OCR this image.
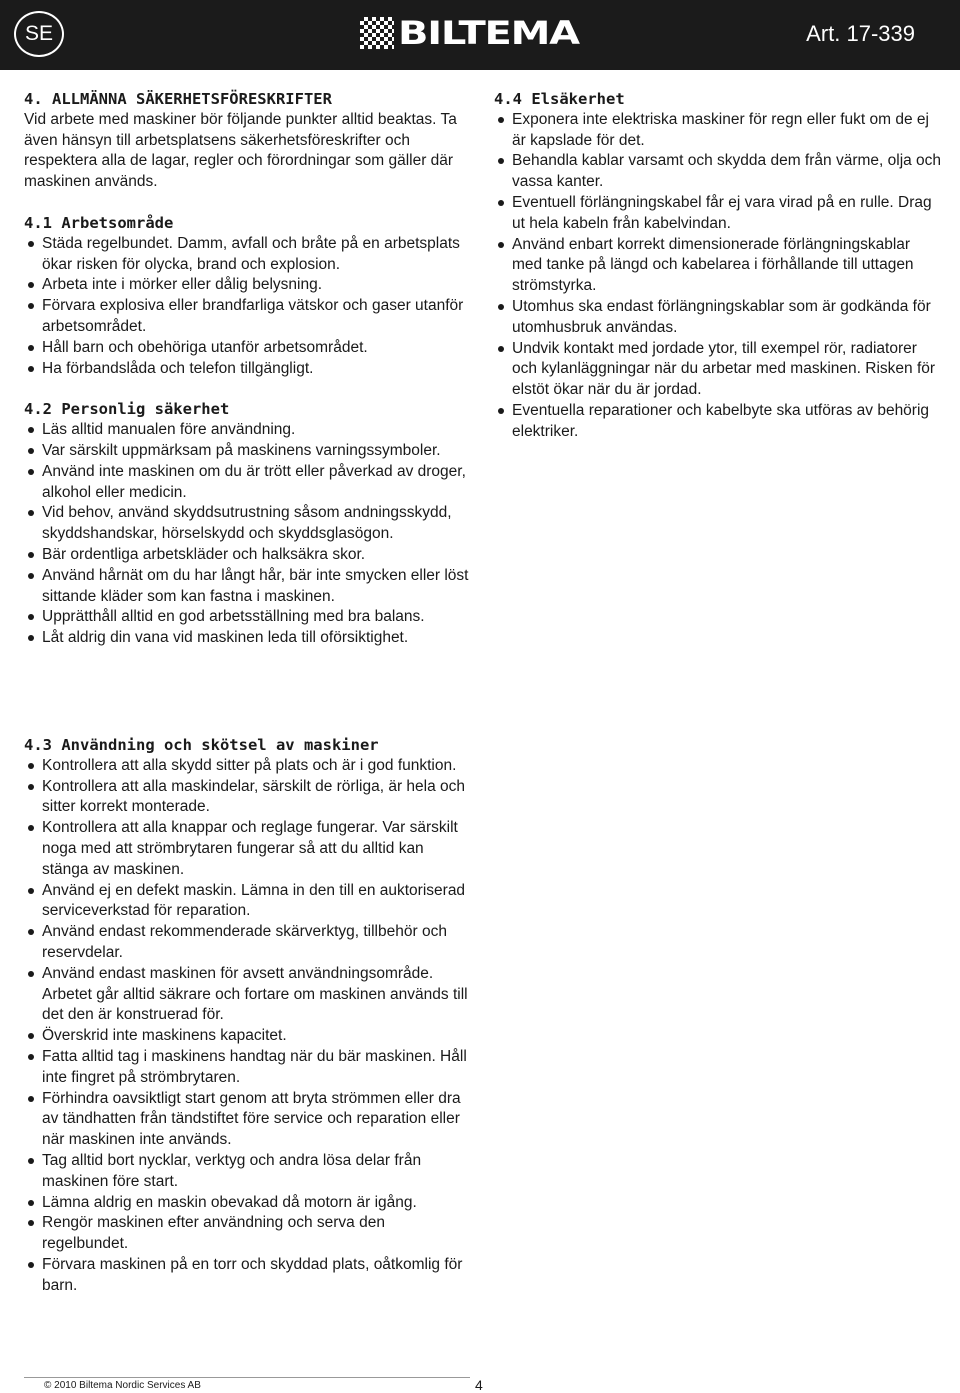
SE	BILTEMA	Art. 17-339
4. ALLMÄNNA SÄKERHETSFÖRESKRIFTER

Vid arbete med maskiner bör följande punkter alltid beaktas. Ta även hänsyn till arbetsplatsens säkerhetsföreskrifter och respektera alla de lagar, regler och förordningar som gäller där maskinen används.

4.1 Arbetsområde
Städa regelbundet. Damm, avfall och bråte på en arbetsplats ökar risken för olycka, brand och explosion.
Arbeta inte i mörker eller dålig belysning.
Förvara explosiva eller brandfarliga vätskor och gaser utanför arbetsområdet.
Håll barn och obehöriga utanför arbetsområdet.
Ha förbandslåda och telefon tillgängligt.
4.2 Personlig säkerhet
Läs alltid manualen före användning.
Var särskilt uppmärksam på maskinens varningssymboler.
Använd inte maskinen om du är trött eller påverkad av droger, alkohol eller medicin.
Vid behov, använd skyddsutrustning såsom andningsskydd, skyddshandskar, hörselskydd och skyddsglasögon.
Bär ordentliga arbetskläder och halksäkra skor.
Använd hårnät om du har långt hår, bär inte smycken eller löst sittande kläder som kan fastna i maskinen.
Upprätthåll alltid en god arbetsställning med bra balans.
Låt aldrig din vana vid maskinen leda till oförsiktighet.
4.3 Användning och skötsel av maskiner
Kontrollera att alla skydd sitter på plats och är i god funktion.
Kontrollera att alla maskindelar, särskilt de rörliga, är hela och sitter korrekt monterade.
Kontrollera att alla knappar och reglage fungerar. Var särskilt noga med att strömbrytaren fungerar så att du alltid kan stänga av maskinen.
Använd ej en defekt maskin. Lämna in den till en auktoriserad serviceverkstad för reparation.
Använd endast rekommenderade skärverktyg, tillbehör och reservdelar.
Använd endast maskinen för avsett användningsområde. Arbetet går alltid säkrare och fortare om maskinen används till det den är konstruerad för.
Överskrid inte maskinens kapacitet.
Fatta alltid tag i maskinens handtag när du bär maskinen. Håll inte fingret på strömbrytaren.
Förhindra oavsiktligt start genom att bryta strömmen eller dra av tändhatten från tändstiftet före service och reparation eller när maskinen inte används.
Tag alltid bort nycklar, verktyg och andra lösa delar från maskinen före start.
Lämna aldrig en maskin obevakad då motorn är igång.
Rengör maskinen efter användning och serva den regelbundet.
Förvara maskinen på en torr och skyddad plats, oåtkomlig för barn.
4.4 Elsäkerhet
Exponera inte elektriska maskiner för regn eller fukt om de ej är kapslade för det.
Behandla kablar varsamt och skydda dem från värme, olja och vassa kanter.
Eventuell förlängningskabel får ej vara virad på en rulle. Drag ut hela kabeln från kabelvindan.
Använd enbart korrekt dimensionerade förlängningskablar med tanke på längd och kabelarea i förhållande till uttagen strömstyrka.
Utomhus ska endast förlängningskablar som är godkända för utomhusbruk användas.
Undvik kontakt med jordade ytor, till exempel rör, radiatorer och kylanläggningar när du arbetar med maskinen. Risken för elstöt ökar när du är jordad.
Eventuella reparationer och kabelbyte ska utföras av behörig elektriker.
© 2010 Biltema Nordic Services AB	4
